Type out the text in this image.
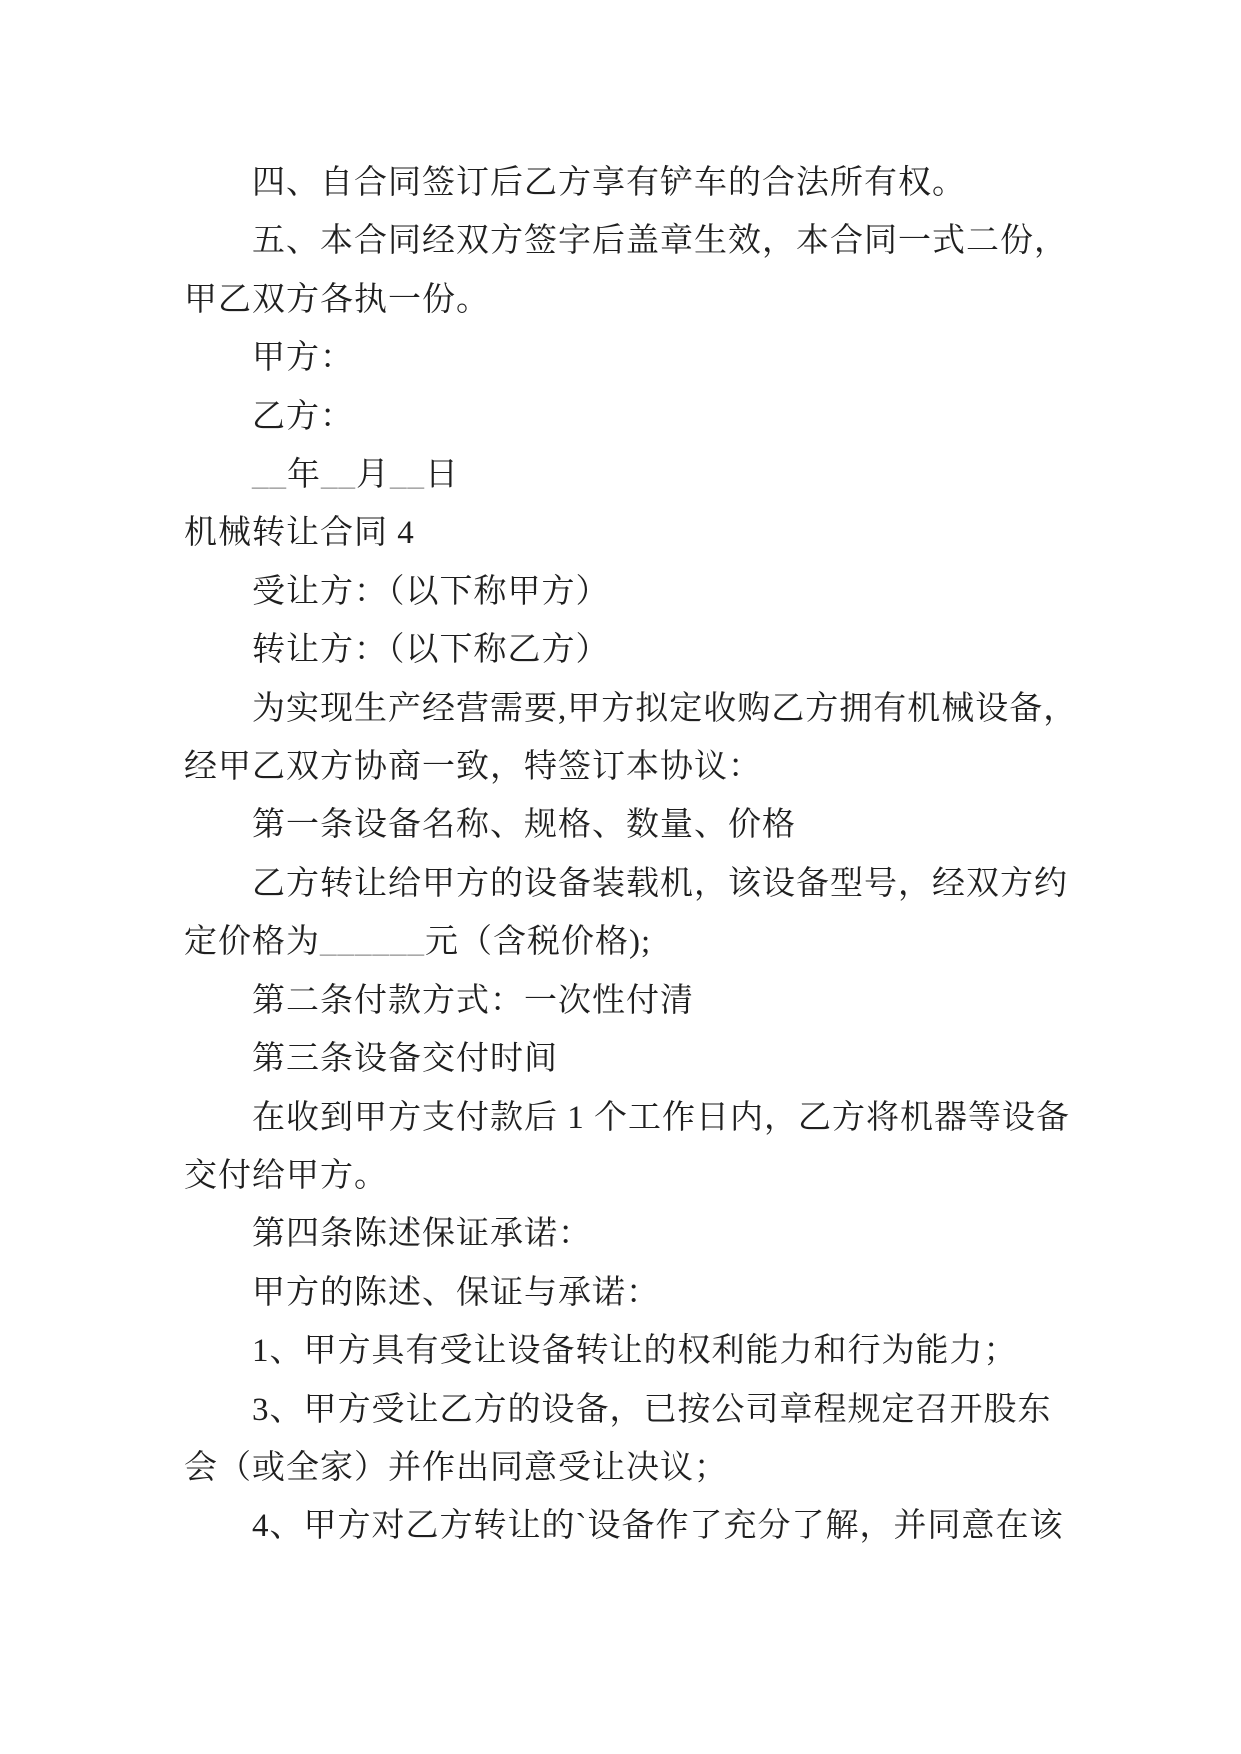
四、自合同签订后乙方享有铲车的合法所有权。
五、本合同经双方签字后盖章生效，本合同一式二份，
甲乙双方各执一份。
甲方：
乙方：
__年__月__日
机械转让合同 4
受让方：（以下称甲方）
转让方：（以下称乙方）
为实现生产经营需要,甲方拟定收购乙方拥有机械设备，
经甲乙双方协商一致，特签订本协议：
第一条设备名称、规格、数量、价格
乙方转让给甲方的设备装载机，该设备型号，经双方约
定价格为______元（含税价格);
第二条付款方式：一次性付清
第三条设备交付时间
在收到甲方支付款后 1 个工作日内，乙方将机器等设备
交付给甲方。
第四条陈述保证承诺：
甲方的陈述、保证与承诺：
1、甲方具有受让设备转让的权利能力和行为能力；
3、甲方受让乙方的设备，已按公司章程规定召开股东
会（或全家）并作出同意受让决议；
4、甲方对乙方转让的`设备作了充分了解，并同意在该
